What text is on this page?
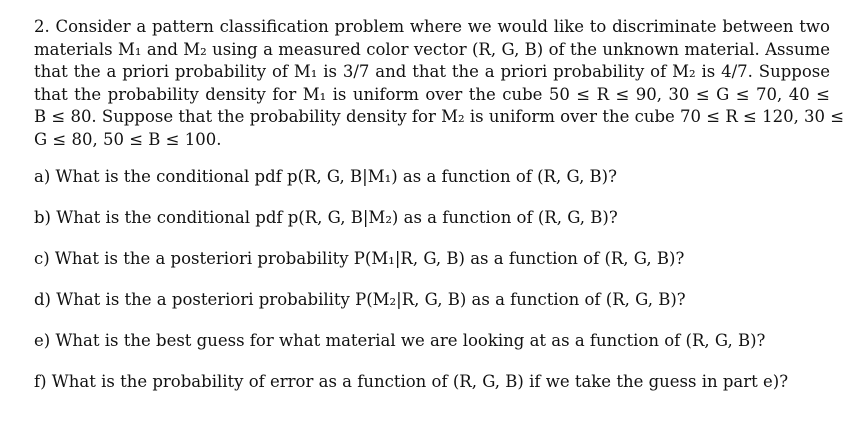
2. Consider a pattern classification problem where we would like to discriminate between two
materials M₁ and M₂ using a measured color vector (R, G, B) of the unknown material. Assume
that the a priori probability of M₁ is 3/7 and that the a priori probability of M₂ is 4/7. Suppose
that the probability density for M₁ is uniform over the cube 50 ≤ R ≤ 90, 30 ≤ G ≤ 70, 40 ≤
B ≤ 80. Suppose that the probability density for M₂ is uniform over the cube 70 ≤ R ≤ 120, 30 ≤
G ≤ 80, 50 ≤ B ≤ 100.
a) What is the conditional pdf p(R, G, B|M₁) as a function of (R, G, B)?
b) What is the conditional pdf p(R, G, B|M₂) as a function of (R, G, B)?
c) What is the a posteriori probability P(M₁|R, G, B) as a function of (R, G, B)?
d) What is the a posteriori probability P(M₂|R, G, B) as a function of (R, G, B)?
e) What is the best guess for what material we are looking at as a function of (R, G, B)?
f) What is the probability of error as a function of (R, G, B) if we take the guess in part e)?
